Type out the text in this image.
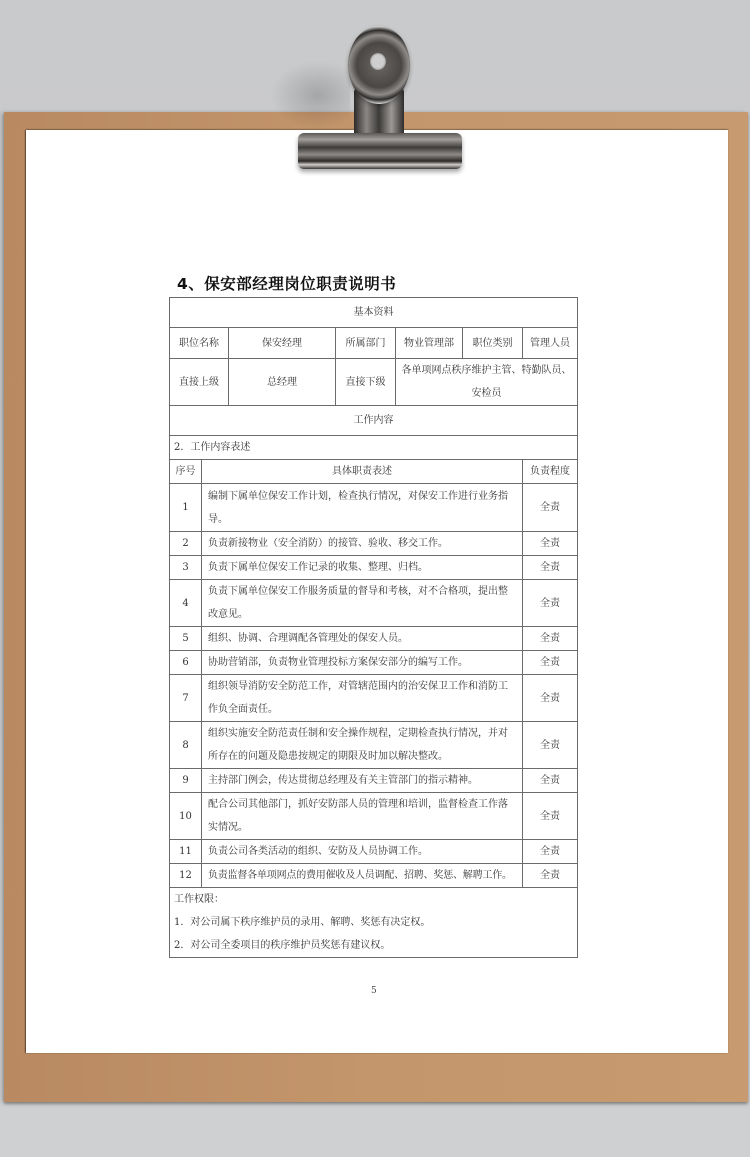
4、保安部经理岗位职责说明书
基本资料						
职位名称		保安经理	所属部门	物业管理部	职位类别	管理人员
直接上级		总经理	直接下级	各单项网点秩序维护主管、特勤队员、
安检员		

工作内容						
2．工作内容表述						
序号	具体职责表述					负责程度
1	编制下属单位保安工作计划，检查执行情况，对保安工作进行业务指
导。					全责
2	负责新接物业（安全消防）的接管、验收、移交工作。					全责
3	负责下属单位保安工作记录的收集、整理、归档。					全责
4	负责下属单位保安工作服务质量的督导和考核，对不合格项，提出整
改意见。					全责
5	组织、协调、合理调配各管理处的保安人员。					全责
6	协助营销部，负责物业管理投标方案保安部分的编写工作。					全责
7	组织领导消防安全防范工作，对管辖范围内的治安保卫工作和消防工
作负全面责任。					全责
8	组织实施安全防范责任制和安全操作规程，定期检查执行情况，并对
所存在的问题及隐患按规定的期限及时加以解决整改。					全责
9	主持部门例会，传达贯彻总经理及有关主管部门的指示精神。					全责
10	配合公司其他部门，抓好安防部人员的管理和培训，监督检查工作落
实情况。					全责
11	负责公司各类活动的组织、安防及人员协调工作。					全责
12	负责监督各单项网点的费用催收及人员调配、招聘、奖惩、解聘工作。					全责

工作权限：
1．对公司属下秩序维护员的录用、解聘、奖惩有决定权。
2．对公司全委项目的秩序维护员奖惩有建议权。						
5
